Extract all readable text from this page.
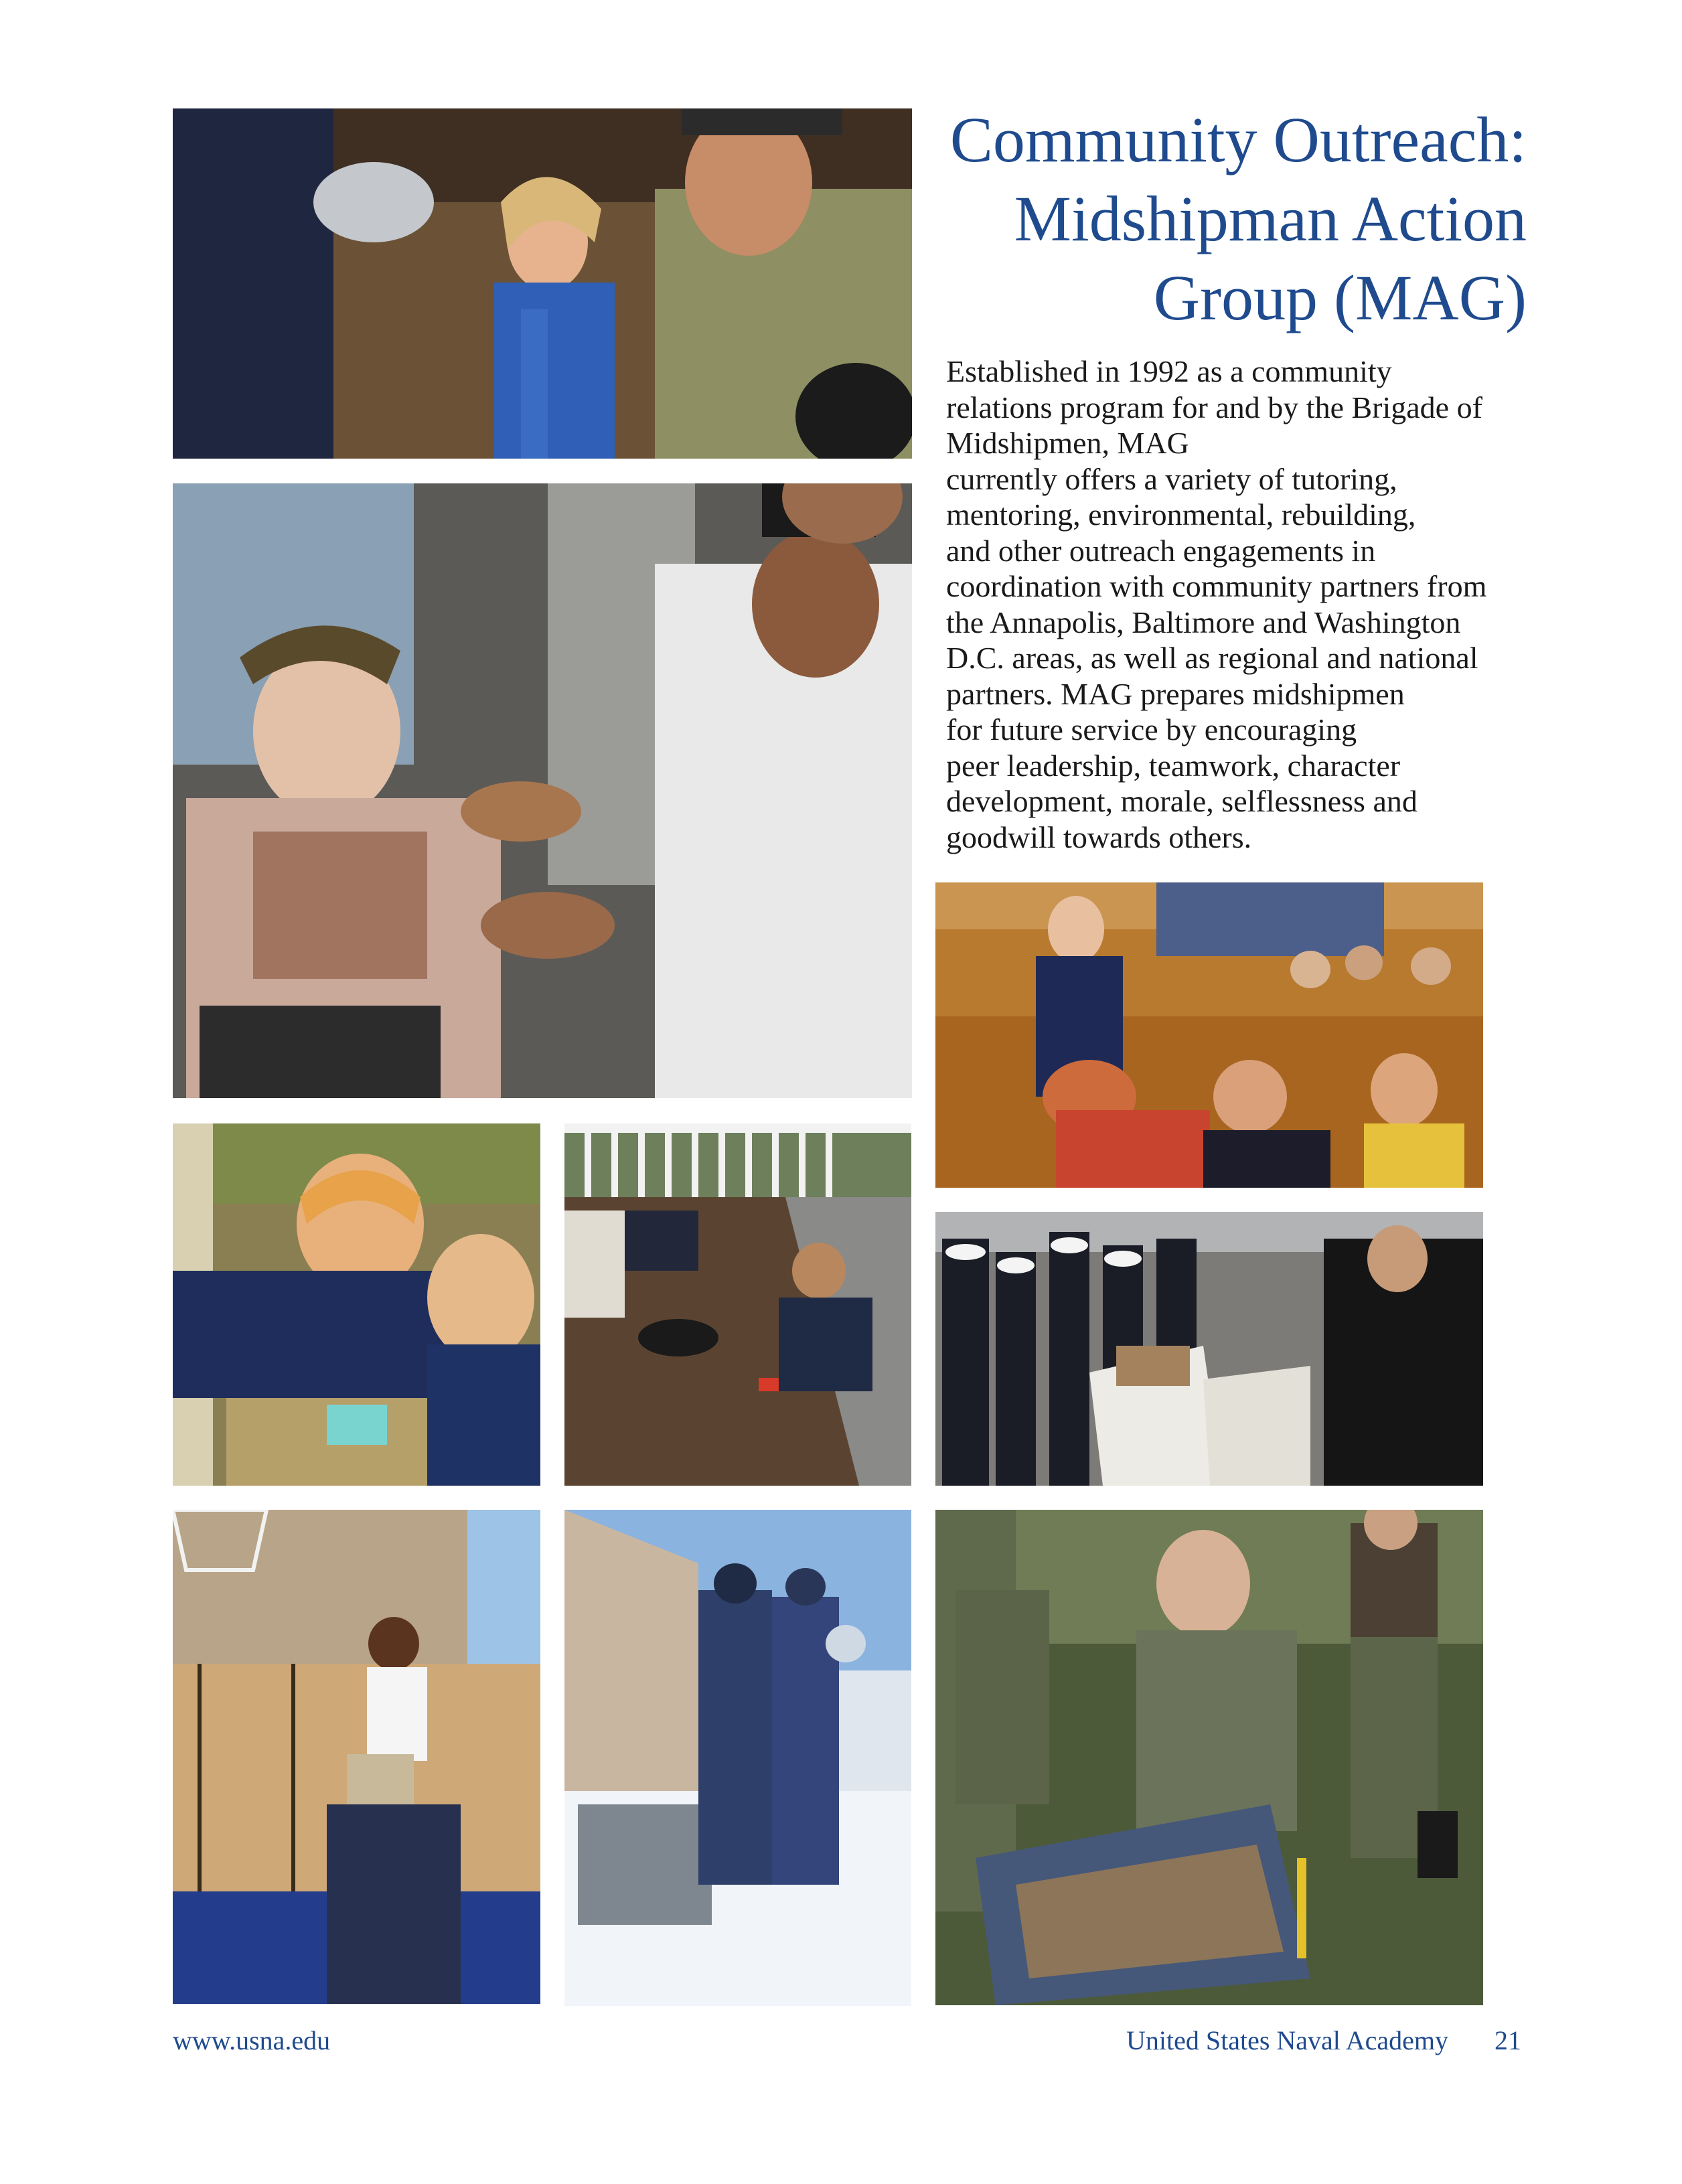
Community Outreach:
Midshipman Action
Group (MAG)

Established in 1992 as a community
relations program for and by the Brigade of
Midshipmen, MAG
currently offers a variety of tutoring,
mentoring, environmental, rebuilding,
and other outreach engagements in
coordination with community partners from
the Annapolis, Baltimore and Washington
D.C. areas, as well as regional and national
partners. MAG prepares midshipmen
for future service by encouraging
peer leadership, teamwork, character
development, morale, selflessness and
goodwill towards others.

www.usna.edu	United States Naval Academy 21
